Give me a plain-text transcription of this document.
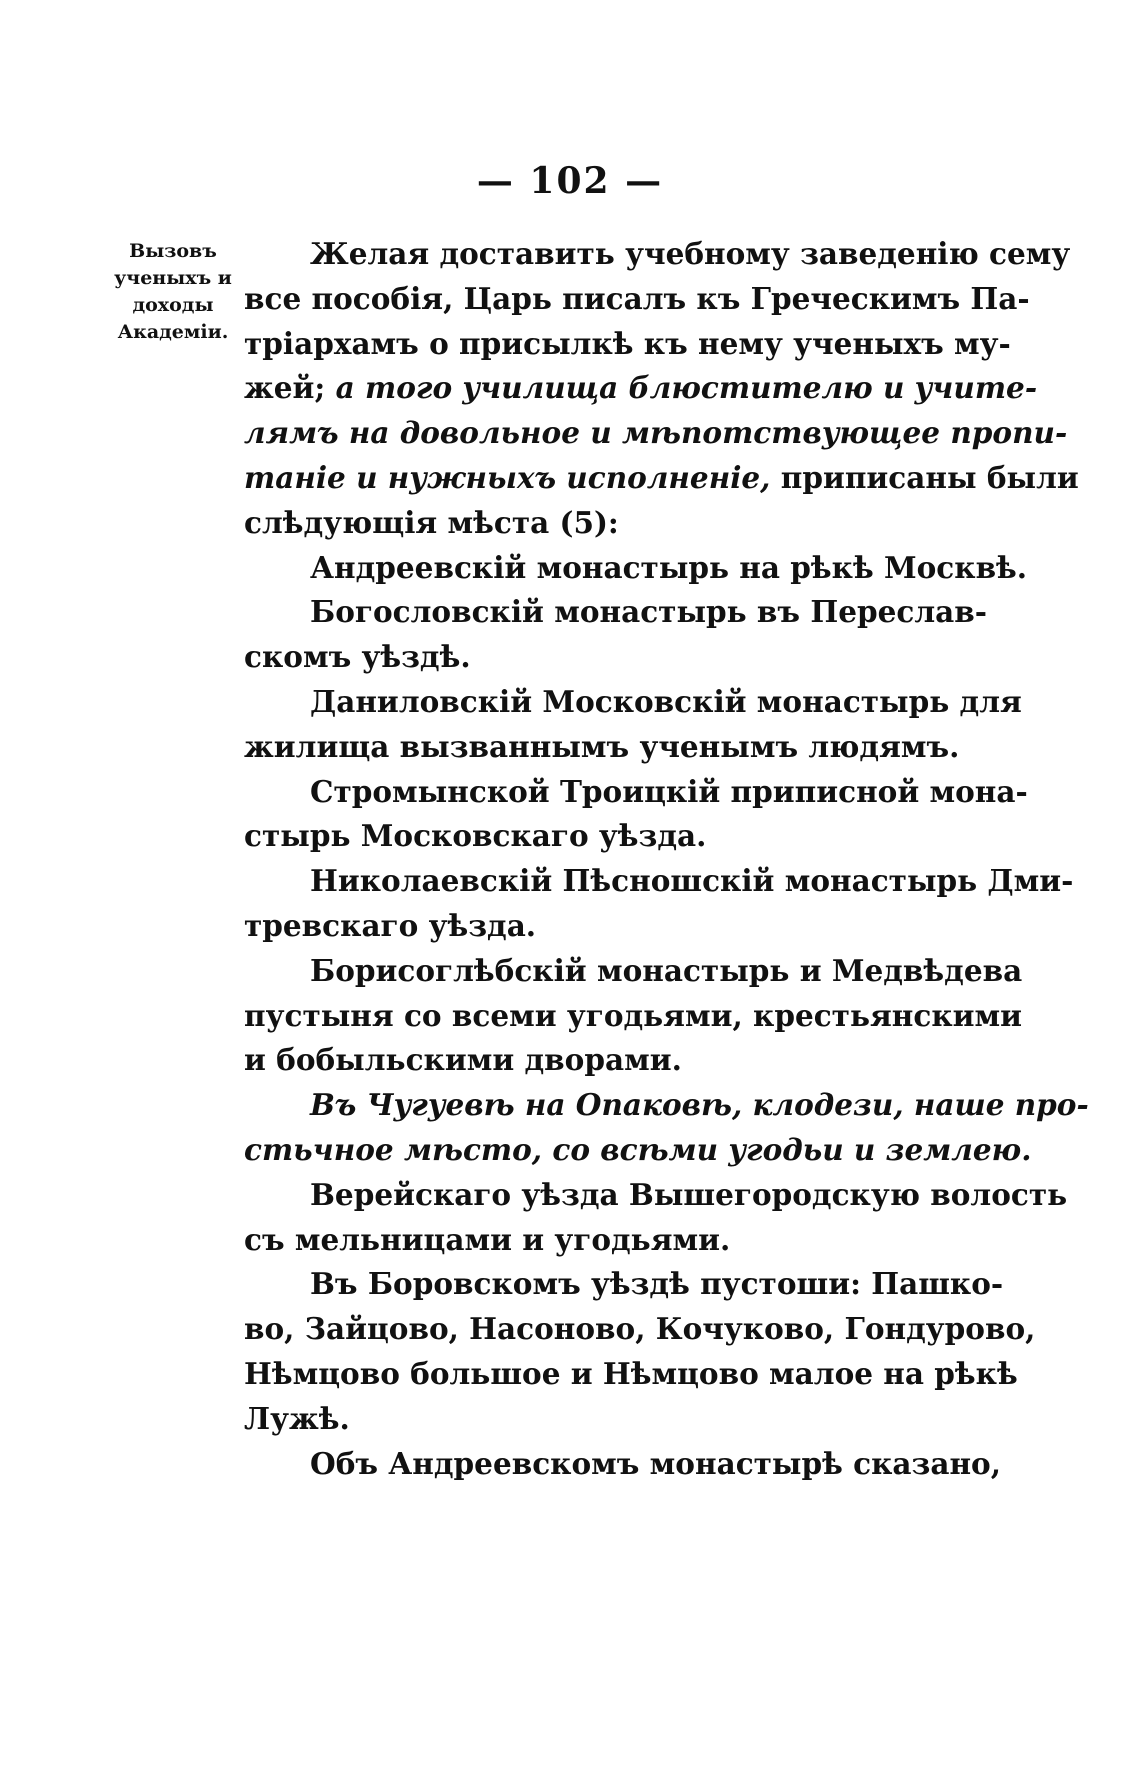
— 102 —
Вызовъ
ученыхъ и
доходы
Академіи.
Желая доставить учебному заведенію сему
все пособія, Царь писалъ къ Греческимъ Па-
тріархамъ о присылкѣ къ нему ученыхъ му-
жей; а того училища блюстителю и учите-
лямъ на довольное и мѣпотствующее пропи-
таніе и нужныхъ исполненіе, приписаны были
слѣдующія мѣста (5):
Андреевскій монастырь на рѣкѣ Москвѣ.
Богословскій монастырь въ Переслав-
скомъ уѣздѣ.
Даниловскій Московскій монастырь для
жилища вызваннымъ ученымъ людямъ.
Стромынской Троицкій приписной мона-
стырь Московскаго уѣзда.
Николаевскій Пѣсношскій монастырь Дми-
тревскаго уѣзда.
Борисоглѣбскій монастырь и Медвѣдева
пустыня со всеми угодьями, крестьянскими
и бобыльскими дворами.
Въ Чугуевѣ на Опаковѣ, клодези, наше про-
стьчное мѣсто, со всѣми угодьи и землею.
Верейскаго уѣзда Вышегородскую волость
съ мельницами и угодьями.
Въ Боровскомъ уѣздѣ пустоши: Пашко-
во, Зайцово, Насоново, Кочуково, Гондурово,
Нѣмцово большое и Нѣмцово малое на рѣкѣ
Лужѣ.
Объ Андреевскомъ монастырѣ сказано,
